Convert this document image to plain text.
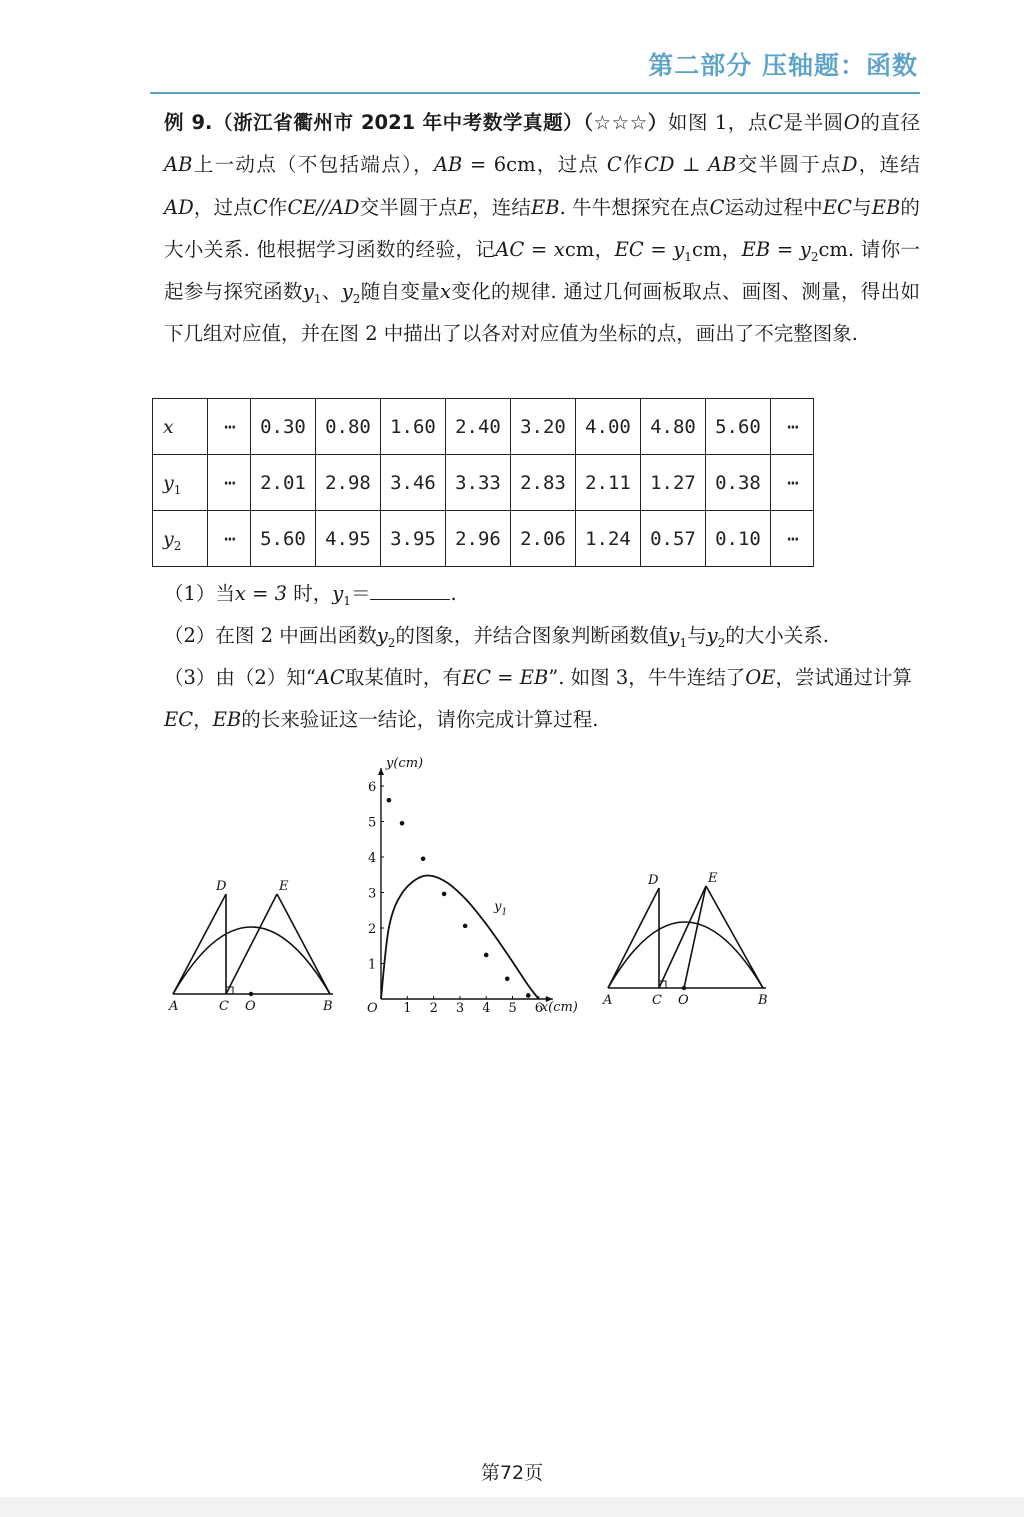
第二部分 压轴题：函数
例 9.（浙江省衢州市 2021 年中考数学真题）（☆☆☆）如图 1，点C是半圆O的直径AB上一动点（不包括端点），AB = 6cm，过点 C作CD ⊥ AB交半圆于点D，连结AD，过点C作CE//AD交半圆于点E，连结EB. 牛牛想探究在点C运动过程中EC与EB的大小关系. 他根据学习函数的经验，记AC = xcm，EC = $y_1cm$，EB = $y_2cm$. 请你一起参与探究函数$y_1$、$y_2$随自变量x变化的规律. 通过几何画板取点、画图、测量，得出如下几组对应值，并在图 2 中描出了以各对对应值为坐标的点，画出了不完整图象.
x	⋯	0.30	0.80	1.60	2.40	3.20	4.00	4.80	5.60	⋯
$y_1$	⋯	2.01	2.98	3.46	3.33	2.83	2.11	1.27	0.38	⋯
$y_2$	⋯	5.60	4.95	3.95	2.96	2.06	1.24	0.57	0.10	⋯
（1）当x = 3 时，$y_1=$	.
（2）在图 2 中画出函数$y_2$的图象，并结合图象判断函数值$y_1$与$y_2$的大小关系.
（3）由（2）知“AC取某值时，有EC = EB”. 如图 3，牛牛连结了OE，尝试通过计算EC，EB的长来验证这一结论，请你完成计算过程.
A	C O	B
D	E
1 2 3 4 5 6
1
2
3
4
5
6
y(cm)
x(cm)
O
$y_1$
A	C O	B
D	E
第72页
